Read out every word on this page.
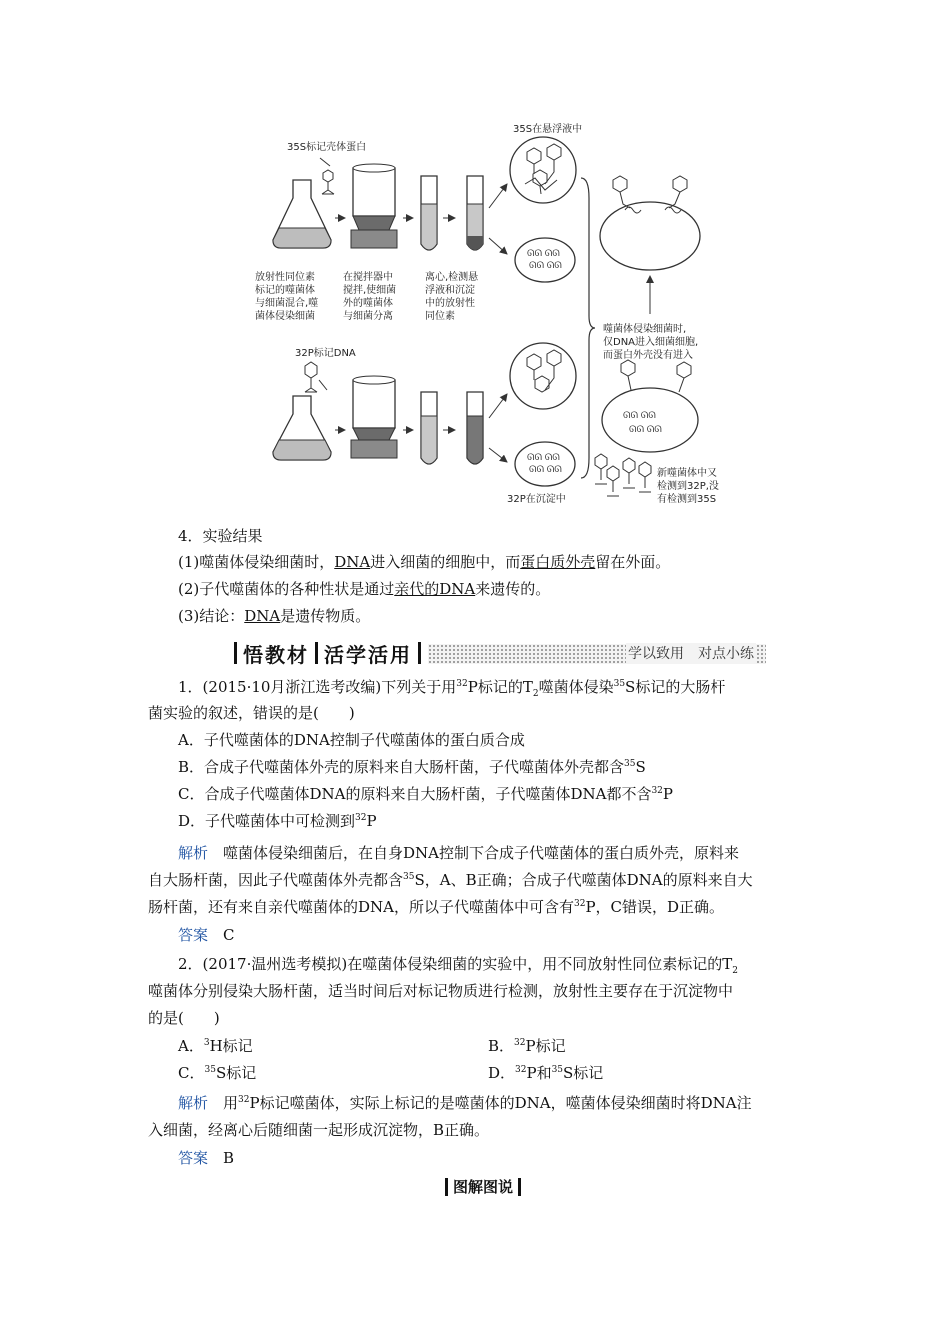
35S标记壳体蛋白
35S在悬浮液中
ᘏᘏ ᘏᘏ
ᘏᘏ ᘏᘏ
放射性同位素
标记的噬菌体
与细菌混合,噬
菌体侵染细菌
在搅拌器中
搅拌,使细菌
外的噬菌体
与细菌分离
离心,检测悬
浮液和沉淀
中的放射性
同位素
32P标记DNA
ᘏᘏ ᘏᘏ
ᘏᘏ ᘏᘏ
32P在沉淀中
噬菌体侵染细菌时,
仅DNA进入细菌细胞,
而蛋白外壳没有进入
ᘏᘏ ᘏᘏ
ᘏᘏ ᘏᘏ
新噬菌体中又
检测到32P,没
有检测到35S
4．实验结果
(1)噬菌体侵染细菌时，DNA进入细菌的细胞中，而蛋白质外壳留在外面。
(2)子代噬菌体的各种性状是通过亲代的DNA来遗传的。
(3)结论：DNA是遗传物质。
悟教材 活学活用	学以致用　对点小练
1．(2015·10月浙江选考改编)下列关于用$^{32}$P标记的$T_2$噬菌体侵染$^{35}$S标记的大肠杆
菌实验的叙述，错误的是(　　)
A．子代噬菌体的DNA控制子代噬菌体的蛋白质合成
B．合成子代噬菌体外壳的原料来自大肠杆菌，子代噬菌体外壳都含$^{35}$S
C．合成子代噬菌体DNA的原料来自大肠杆菌，子代噬菌体DNA都不含$^{32}$P
D．子代噬菌体中可检测到$^{32}$P
解析　 噬菌体侵染细菌后，在自身DNA控制下合成子代噬菌体的蛋白质外壳，原料来
自大肠杆菌，因此子代噬菌体外壳都含$^{35}$S，A、B正确；合成子代噬菌体DNA的原料来自大
肠杆菌，还有来自亲代噬菌体的DNA，所以子代噬菌体中可含有$^{32}$P，C错误，D正确。
答案　 C
2．(2017·温州选考模拟)在噬菌体侵染细菌的实验中，用不同放射性同位素标记的$T_2$
噬菌体分别侵染大肠杆菌，适当时间后对标记物质进行检测，放射性主要存在于沉淀物中
的是(　　)
A．$^3$H标记	B．$^{32}$P标记
C．$^{35}$S标记	D．$^{32}$P和$^{35}$S标记
解析　 用$^{32}$P标记噬菌体，实际上标记的是噬菌体的DNA，噬菌体侵染细菌时将DNA注
入细菌，经离心后随细菌一起形成沉淀物，B正确。
答案　 B
图解图说
